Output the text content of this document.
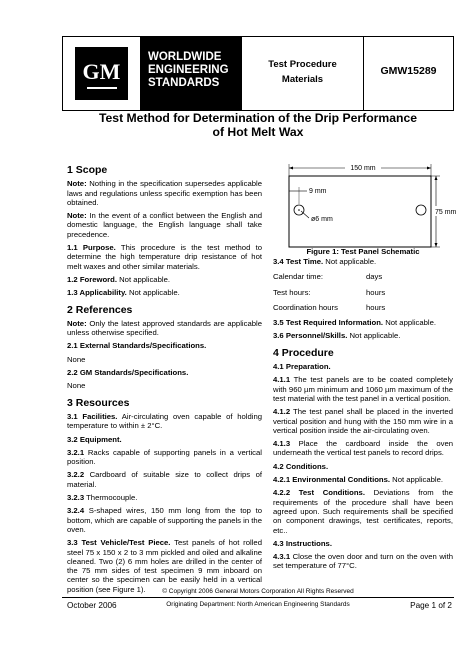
GM
WORLDWIDE
ENGINEERING
STANDARDS
Test Procedure
Materials
GMW15289
Test Method for Determination of the Drip Performance
of Hot Melt Wax
1 Scope

Note: Nothing in the specification supersedes applicable laws and regulations unless specific exemption has been obtained.

Note: In the event of a conflict between the English and domestic language, the English language shall take precedence.

1.1 Purpose. This procedure is the test method to determine the high temperature drip resistance of hot melt waxes and other similar materials.

1.2 Foreword. Not applicable.

1.3 Applicability. Not applicable.

2 References

Note: Only the latest approved standards are applicable unless otherwise specified.

2.1 External Standards/Specifications.

None

2.2 GM Standards/Specifications.

None

3 Resources

3.1 Facilities. Air-circulating oven capable of holding temperature to within ± 2°C.

3.2 Equipment.

3.2.1 Racks capable of supporting panels in a vertical position.

3.2.2 Cardboard of suitable size to collect drips of material.

3.2.3 Thermocouple.

3.2.4 S-shaped wires, 150 mm long from the top to bottom, which are capable of supporting the panels in the oven.

3.3 Test Vehicle/Test Piece. Test panels of hot rolled steel 75 x 150 x 2 to 3 mm pickled and oiled and alkaline cleaned. Two (2) 6 mm holes are drilled in the center of the 75 mm sides of test specimen 9 mm inboard on center so the specimen can be easily held in a vertical position (see Figure 1).

150 mm
75 mm
9 mm
ø6 mm
Figure 1: Test Panel Schematic

3.4 Test Time. Not applicable.

Calendar time:	days
Test hours:	hours
Coordination hours	hours

3.5 Test Required Information. Not applicable.

3.6 Personnel/Skills. Not applicable.

4 Procedure

4.1 Preparation.

4.1.1 The test panels are to be coated completely with 960 µm minimum and 1060 µm maximum of the test material with the test panel in a vertical position.

4.1.2 The test panel shall be placed in the inverted vertical position and hung with the 150 mm wire in a vertical position inside the air-circulating oven.

4.1.3 Place the cardboard inside the oven underneath the vertical test panels to record drips.

4.2 Conditions.

4.2.1 Environmental Conditions. Not applicable.

4.2.2 Test Conditions. Deviations from the requirements of the procedure shall have been agreed upon. Such requirements shall be specified on component drawings, test certificates, reports, etc..

4.3 Instructions.

4.3.1 Close the oven door and turn on the oven with set temperature of 77°C.

© Copyright 2006 General Motors Corporation All Rights Reserved
October 2006	Originating Department: North American Engineering Standards	Page 1 of 2
